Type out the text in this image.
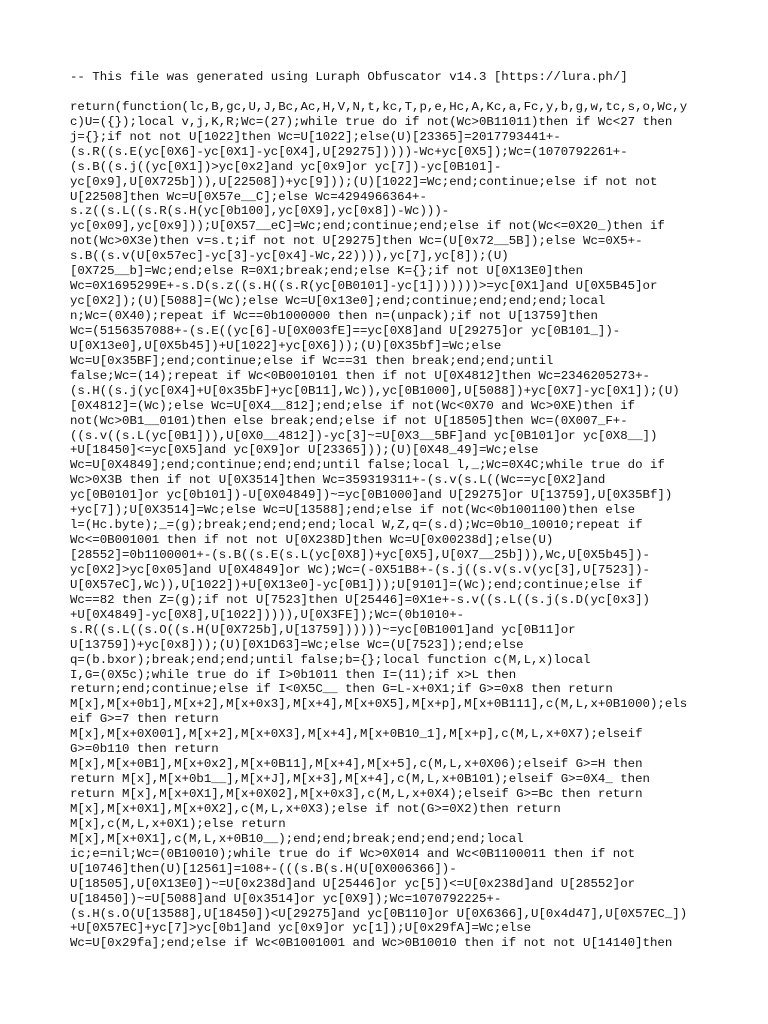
-- This file was generated using Luraph Obfuscator v14.3 [https://lura.ph/]
return(function(lc,B,gc,U,J,Bc,Ac,H,V,N,t,kc,T,p,e,Hc,A,Kc,a,Fc,y,b,g,w,tc,s,o,Wc,y
c)U=({});local v,j,K,R;Wc=(27);while true do if not(Wc>0B11011)then if Wc<27 then
j={};if not not U[1022]then Wc=U[1022];else(U)[23365]=2017793441+-
(s.R((s.E(yc[0X6]-yc[0X1]-yc[0X4],U[29275]))))-Wc+yc[0X5]);Wc=(1070792261+-
(s.B((s.j((yc[0X1])>yc[0x2]and yc[0x9]or yc[7])-yc[0B101]-
yc[0x9],U[0X725b])),U[22508])+yc[9]));(U)[1022]=Wc;end;continue;else if not not
U[22508]then Wc=U[0X57e__C];else Wc=4294966364+-
s.z((s.L((s.R(s.H(yc[0b100],yc[0X9],yc[0x8])-Wc)))-
yc[0x09],yc[0x9]));U[0X57__eC]=Wc;end;continue;end;else if not(Wc<=0X20_)then if
not(Wc>0X3e)then v=s.t;if not not U[29275]then Wc=(U[0x72__5B]);else Wc=0X5+-
s.B((s.v(U[0x57ec]-yc[3]-yc[0x4]-Wc,22)))),yc[7],yc[8]);(U)
[0X725__b]=Wc;end;else R=0X1;break;end;else K={};if not U[0X13E0]then
Wc=0X1695299E+-s.D(s.z((s.H((s.R(yc[0B0101]-yc[1]))))))>=yc[0X1]and U[0X5B45]or
yc[0X2]);(U)[5088]=(Wc);else Wc=U[0x13e0];end;continue;end;end;end;local
n;Wc=(0X40);repeat if Wc==0b1000000 then n=(unpack);if not U[13759]then
Wc=(5156357088+-(s.E((yc[6]-U[0X003fE]==yc[0X8]and U[29275]or yc[0B101_])-
U[0X13e0],U[0X5b45])+U[1022]+yc[0X6]));(U)[0X35bf]=Wc;else
Wc=U[0x35BF];end;continue;else if Wc==31 then break;end;end;until
false;Wc=(14);repeat if Wc<0B0010101 then if not U[0X4812]then Wc=2346205273+-
(s.H((s.j(yc[0X4]+U[0x35bF]+yc[0B11],Wc)),yc[0B1000],U[5088])+yc[0X7]-yc[0X1]);(U)
[0X4812]=(Wc);else Wc=U[0X4__812];end;else if not(Wc<0X70 and Wc>0XE)then if
not(Wc>0B1__0101)then else break;end;else if not U[18505]then Wc=(0X007_F+-
((s.v((s.L(yc[0B1])),U[0X0__4812])-yc[3]~=U[0X3__5BF]and yc[0B101]or yc[0X8__])
+U[18450]<=yc[0X5]and yc[0X9]or U[23365]));(U)[0X48_49]=Wc;else
Wc=U[0X4849];end;continue;end;end;until false;local l,_;Wc=0X4C;while true do if
Wc>0X3B then if not U[0X3514]then Wc=359319311+-(s.v(s.L((Wc==yc[0X2]and
yc[0B0101]or yc[0b101])-U[0X04849])~=yc[0B1000]and U[29275]or U[13759],U[0X35Bf])
+yc[7]);U[0X3514]=Wc;else Wc=U[13588];end;else if not(Wc<0b1001100)then else
l=(Hc.byte);_=(g);break;end;end;end;local W,Z,q=(s.d);Wc=0b10_10010;repeat if
Wc<=0B001001 then if not not U[0X238D]then Wc=U[0x00238d];else(U)
[28552]=0b1100001+-(s.B((s.E(s.L(yc[0X8])+yc[0X5],U[0X7__25b])),Wc,U[0X5b45])-
yc[0X2]>yc[0x05]and U[0X4849]or Wc);Wc=(-0X51B8+-(s.j((s.v(s.v(yc[3],U[7523])-
U[0X57eC],Wc)),U[1022])+U[0X13e0]-yc[0B1]));U[9101]=(Wc);end;continue;else if
Wc==82 then Z=(g);if not U[7523]then U[25446]=0X1e+-s.v((s.L((s.j(s.D(yc[0x3])
+U[0X4849]-yc[0X8],U[1022])))),U[0X3FE]);Wc=(0b1010+-
s.R((s.L((s.O((s.H(U[0X725b],U[13759])))))~=yc[0B1001]and yc[0B11]or
U[13759])+yc[0x8]));(U)[0X1D63]=Wc;else Wc=(U[7523]);end;else
q=(b.bxor);break;end;end;until false;b={};local function c(M,L,x)local
I,G=(0X5c);while true do if I>0b1011 then I=(11);if x>L then
return;end;continue;else if I<0X5C__ then G=L-x+0X1;if G>=0x8 then return
M[x],M[x+0b1],M[x+2],M[x+0x3],M[x+4],M[x+0X5],M[x+p],M[x+0B111],c(M,L,x+0B1000);els
eif G>=7 then return
M[x],M[x+0X001],M[x+2],M[x+0X3],M[x+4],M[x+0B10_1],M[x+p],c(M,L,x+0X7);elseif
G>=0b110 then return
M[x],M[x+0B1],M[x+0x2],M[x+0B11],M[x+4],M[x+5],c(M,L,x+0X06);elseif G>=H then
return M[x],M[x+0b1__],M[x+J],M[x+3],M[x+4],c(M,L,x+0B101);elseif G>=0X4_ then
return M[x],M[x+0X1],M[x+0X02],M[x+0x3],c(M,L,x+0X4);elseif G>=Bc then return
M[x],M[x+0X1],M[x+0X2],c(M,L,x+0X3);else if not(G>=0X2)then return
M[x],c(M,L,x+0X1);else return
M[x],M[x+0X1],c(M,L,x+0B10__);end;end;break;end;end;end;local
ic;e=nil;Wc=(0B10010);while true do if Wc>0X014 and Wc<0B1100011 then if not
U[10746]then(U)[12561]=108+-(((s.B(s.H(U[0X006366])-
U[18505],U[0X13E0])~=U[0x238d]and U[25446]or yc[5])<=U[0x238d]and U[28552]or
U[18450])~=U[5088]and U[0x3514]or yc[0X9]);Wc=1070792225+-
(s.H(s.O(U[13588],U[18450])<U[29275]and yc[0B110]or U[0X6366],U[0x4d47],U[0X57EC_])
+U[0X57EC]+yc[7]>yc[0b1]and yc[0x9]or yc[1]);U[0x29fA]=Wc;else
Wc=U[0x29fa];end;else if Wc<0B1001001 and Wc>0B10010 then if not not U[14140]then
